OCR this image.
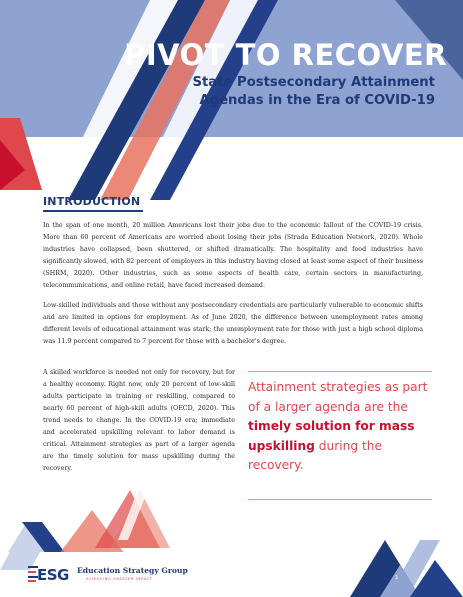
PIVOT TO RECOVER

State Postsecondary Attainment Agendas in the Era of COVID-19

INTRODUCTION

In the span of one month, 20 million Americans lost their jobs due to the economic fallout of the COVID-19 crisis. More than 60 percent of Americans are worried about losing their jobs (Strada Education Network, 2020). Whole industries have collapsed, been shuttered, or shifted dramatically. The hospitality and food industries have significantly slowed, with 82 percent of employers in this industry having closed at least some aspect of their business (SHRM, 2020). Other industries, such as some aspects of health care, certain sectors in manufacturing, telecommunications, and online retail, have faced increased demand.

Low-skilled individuals and those without any postsecondary credentials are particularly vulnerable to economic shifts and are limited in options for employment. As of June 2020, the difference between unemployment rates among different levels of educational attainment was stark; the unemployment rate for those with just a high school diploma was 11.9 percent compared to 7 percent for those with a bachelor's degree.

A skilled workforce is needed not only for recovery, but for a healthy economy. Right now, only 20 percent of low-skill adults participate in training or reskilling, compared to nearly 60 percent of high-skill adults (OECD, 2020). This trend needs to change. In the COVID-19 era; immediate and accelerated upskilling relevant to labor demand is critical. Attainment strategies as part of a larger agenda are the timely solution for mass upskilling during the recovery.

Attainment strategies as part of a larger agenda are the timely solution for mass upskilling during the recovery.

ESG Education Strategy Group
ACHIEVING GREATER IMPACT	1
